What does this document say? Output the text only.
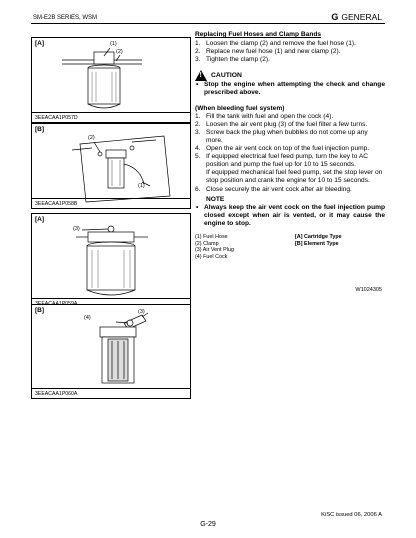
SM-E2B SERIES, WSM	G GENERAL
[A]	(1)
(2)
3EEACAA1P057D
[B]
(2)
(1)
3EEACAA1P058B
[A]
(3)
[B]
(4)
(3)
3EEACAA1P060A
Replacing Fuel Hoses and Clamp Bands
1. Loosen the clamp (2) and remove the fuel hose (1).
2. Replace new fuel hose (1) and new clamp (2).
3. Tighten the clamp (2).
!
CAUTION
• Stop the engine when attempting the check and change prescribed above.
(When bleeding fuel system)
1. Fill the tank with fuel and open the cock (4).
2. Loosen the air vent plug (3) of the fuel filter a few turns.
3. Screw back the plug when bubbles do not come up any more.
4. Open the air vent cock on top of the fuel injection pump.
5. If equipped electrical fuel feed pump, turn the key to AC position and pump the fuel up for 10 to 15 seconds.
If equipped mechanical fuel feed pump, set the stop lever on stop position and crank the engine for 10 to 15 seconds.
6. Close securely the air vent cock after air bleeding.
NOTE
• Always keep the air vent cock on the fuel injection pump closed except when air is vented, or it may cause the engine to stop.
(1) Fuel Hose	[A] Cartridge Type
(2) Clamp	[B] Element Type
(3) Air Vent Plug
(4) Fuel Cock
W1024305
KiSC issued 06, 2006 A
G-29
